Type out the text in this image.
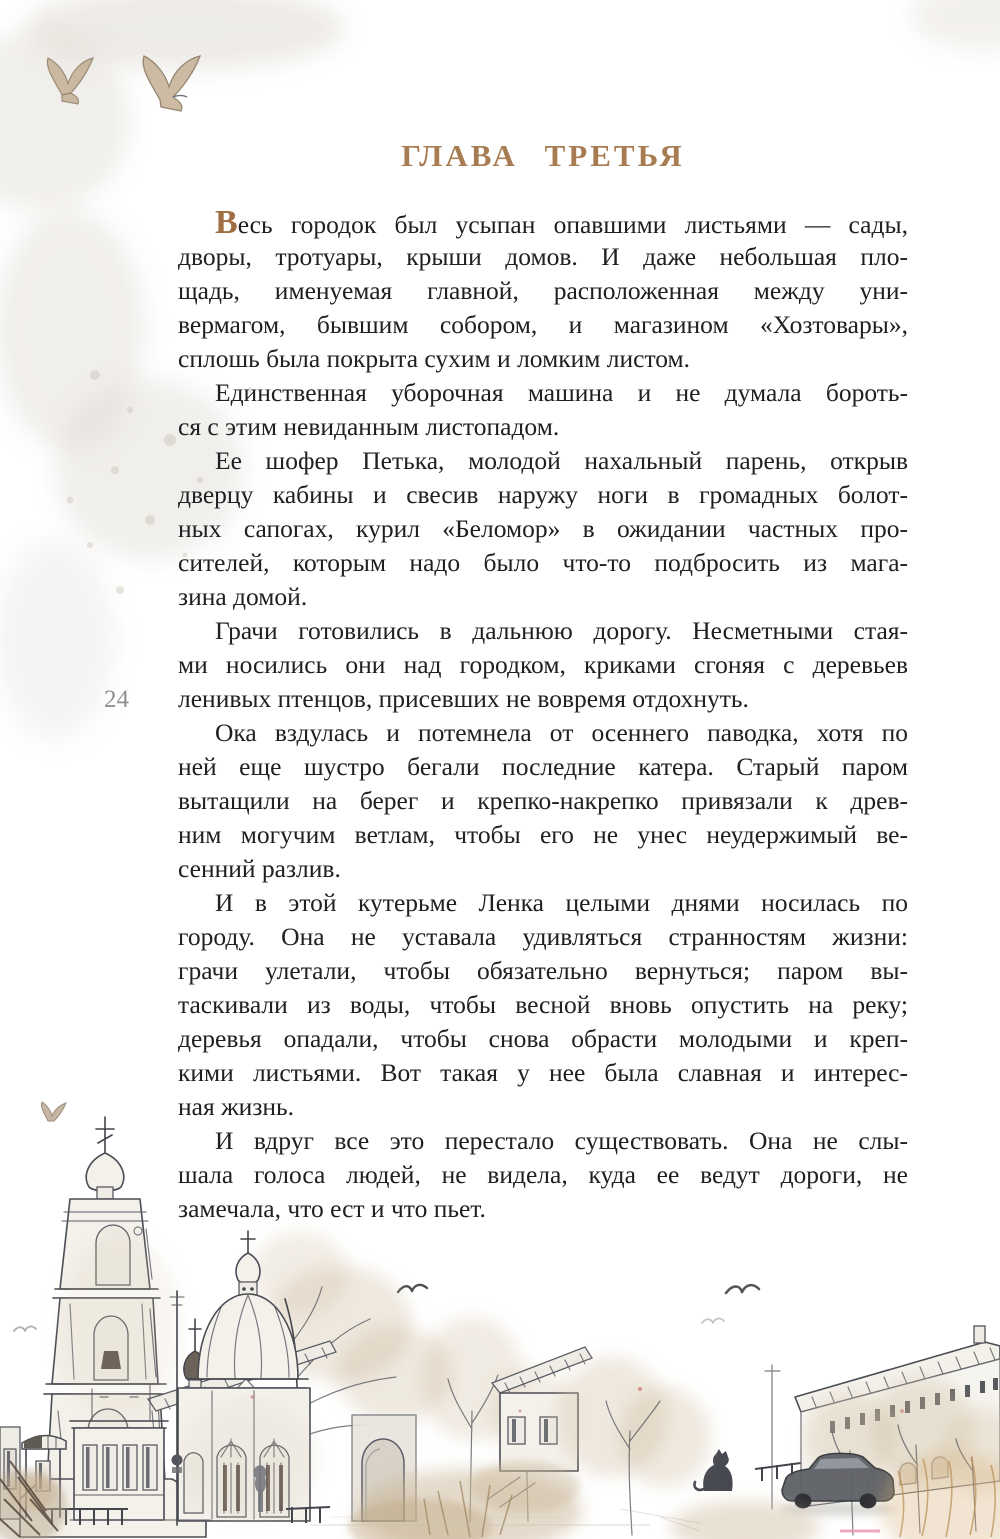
ГЛАВА ТРЕТЬЯ
24

Весь городок был усыпан опавшими листьями — сады,
дворы, тротуары, крыши домов. И даже небольшая пло-
щадь, именуемая главной, расположенная между уни-
вермагом, бывшим собором, и магазином «Хозтовары»,
сплошь была покрыта сухим и ломким листом.

Единственная уборочная машина и не думала бороть-
ся с этим невиданным листопадом.

Ее шофер Петька, молодой нахальный парень, открыв
дверцу кабины и свесив наружу ноги в громадных болот-
ных сапогах, курил «Беломор» в ожидании частных про-
сителей, которым надо было что-то подбросить из мага-
зина домой.

Грачи готовились в дальнюю дорогу. Несметными стая-
ми носились они над городком, криками сгоняя с деревьев
ленивых птенцов, присевших не вовремя отдохнуть.

Ока вздулась и потемнела от осеннего паводка, хотя по
ней еще шустро бегали последние катера. Старый паром
вытащили на берег и крепко-накрепко привязали к древ-
ним могучим ветлам, чтобы его не унес неудержимый ве-
сенний разлив.

И в этой кутерьме Ленка целыми днями носилась по
городу. Она не уставала удивляться странностям жизни:
грачи улетали, чтобы обязательно вернуться; паром вы-
таскивали из воды, чтобы весной вновь опустить на реку;
деревья опадали, чтобы снова обрасти молодыми и креп-
кими листьями. Вот такая у нее была славная и интерес-
ная жизнь.

И вдруг все это перестало существовать. Она не слы-
шала голоса людей, не видела, куда ее ведут дороги, не
замечала, что ест и что пьет.
